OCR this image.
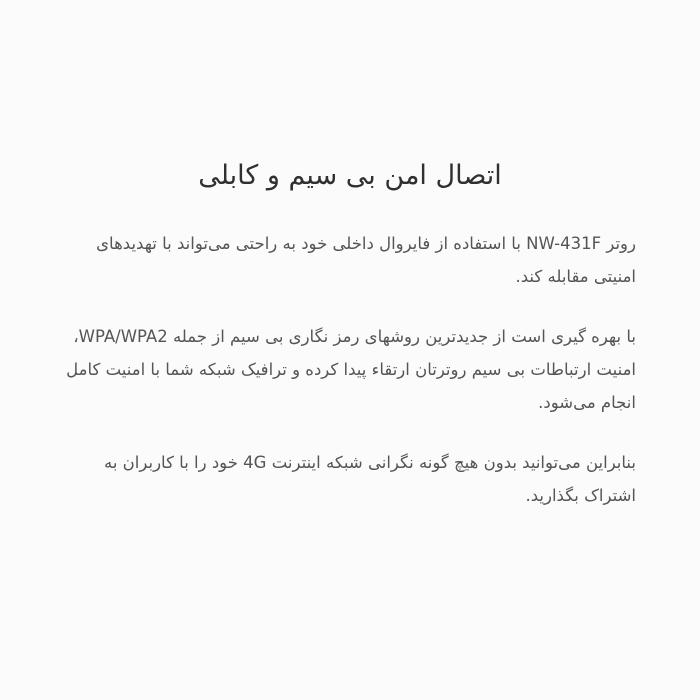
اتصال امن بی سیم و کابلی

روتر NW-431F با استفاده از فایروال داخلی خود به راحتی می‌تواند با تهدیدهای امنیتی مقابله کند.

با بهره گیری است از جدیدترین روشهای رمز نگاری بی سیم از جمله WPA/WPA2، امنیت ارتباطات بی سیم روترتان ارتقاء پیدا کرده و ترافیک شبکه شما با امنیت کامل انجام می‌شود.

بنابراین می‌توانید بدون هیچ گونه نگرانی شبکه اینترنت 4G خود را با کاربران به اشتراک بگذارید.
